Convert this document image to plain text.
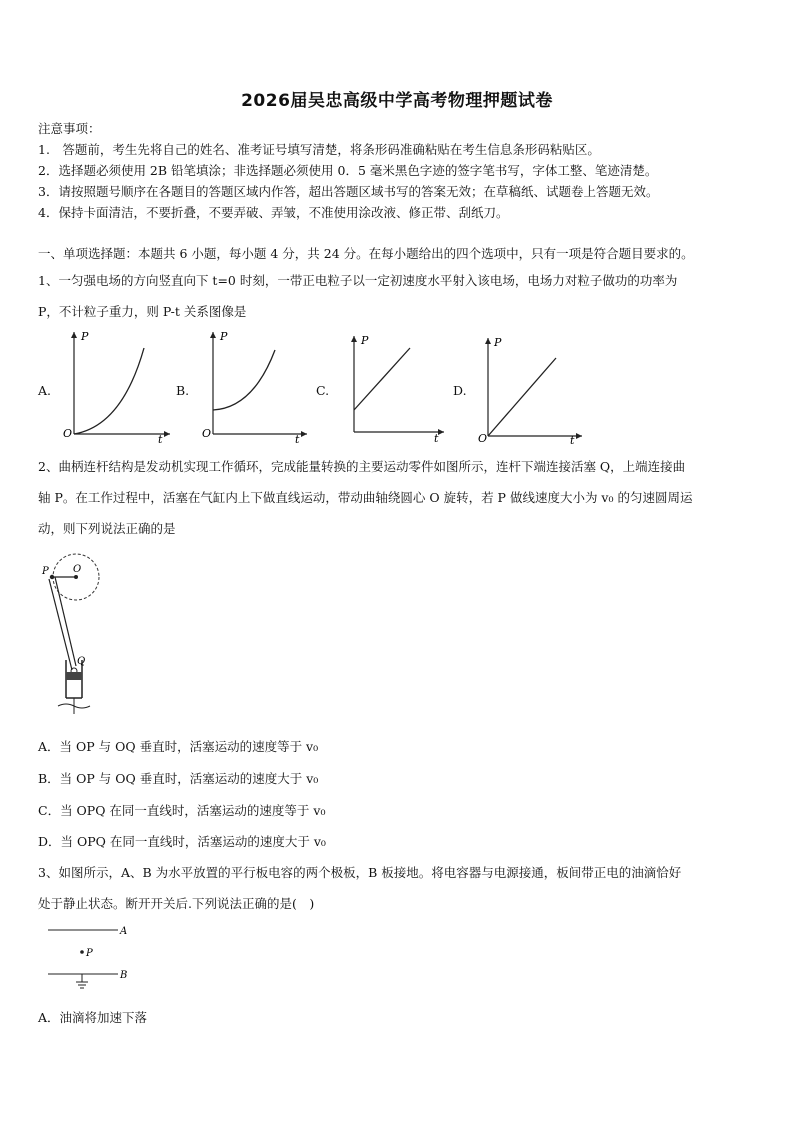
2026届吴忠高级中学高考物理押题试卷
注意事项：
1.　答题前，考生先将自己的姓名、准考证号填写清楚，将条形码准确粘贴在考生信息条形码粘贴区。
2．选择题必须使用 2B 铅笔填涂；非选择题必须使用 0．5 毫米黑色字迹的签字笔书写，字体工整、笔迹清楚。
3．请按照题号顺序在各题目的答题区域内作答，超出答题区域书写的答案无效；在草稿纸、试题卷上答题无效。
4．保持卡面清洁，不要折叠，不要弄破、弄皱，不准使用涂改液、修正带、刮纸刀。
一、单项选择题：本题共 6 小题，每小题 4 分，共 24 分。在每小题给出的四个选项中，只有一项是符合题目要求的。
1、一匀强电场的方向竖直向下 t=0 时刻，一带正电粒子以一定初速度水平射入该电场，电场力对粒子做功的功率为
P，不计粒子重力，则 P-t 关系图像是
A.	B.	C.	D.
P
t
O
P
t
O
P
t
P
t
O
2、曲柄连杆结构是发动机实现工作循环，完成能量转换的主要运动零件如图所示，连杆下端连接活塞 Q，上端连接曲
轴 P。在工作过程中，活塞在气缸内上下做直线运动，带动曲轴绕圆心 O 旋转，若 P 做线速度大小为 v₀ 的匀速圆周运
动，则下列说法正确的是
P O
Q
A．当 OP 与 OQ 垂直时，活塞运动的速度等于 v₀
B．当 OP 与 OQ 垂直时，活塞运动的速度大于 v₀
C．当 OPQ 在同一直线时，活塞运动的速度等于 v₀
D．当 OPQ 在同一直线时，活塞运动的速度大于 v₀
3、如图所示，A、B 为水平放置的平行板电容的两个极板，B 板接地。将电容器与电源接通，板间带正电的油滴恰好
处于静止状态。断开开关后.下列说法正确的是(　)
A
P
B
A．油滴将加速下落
